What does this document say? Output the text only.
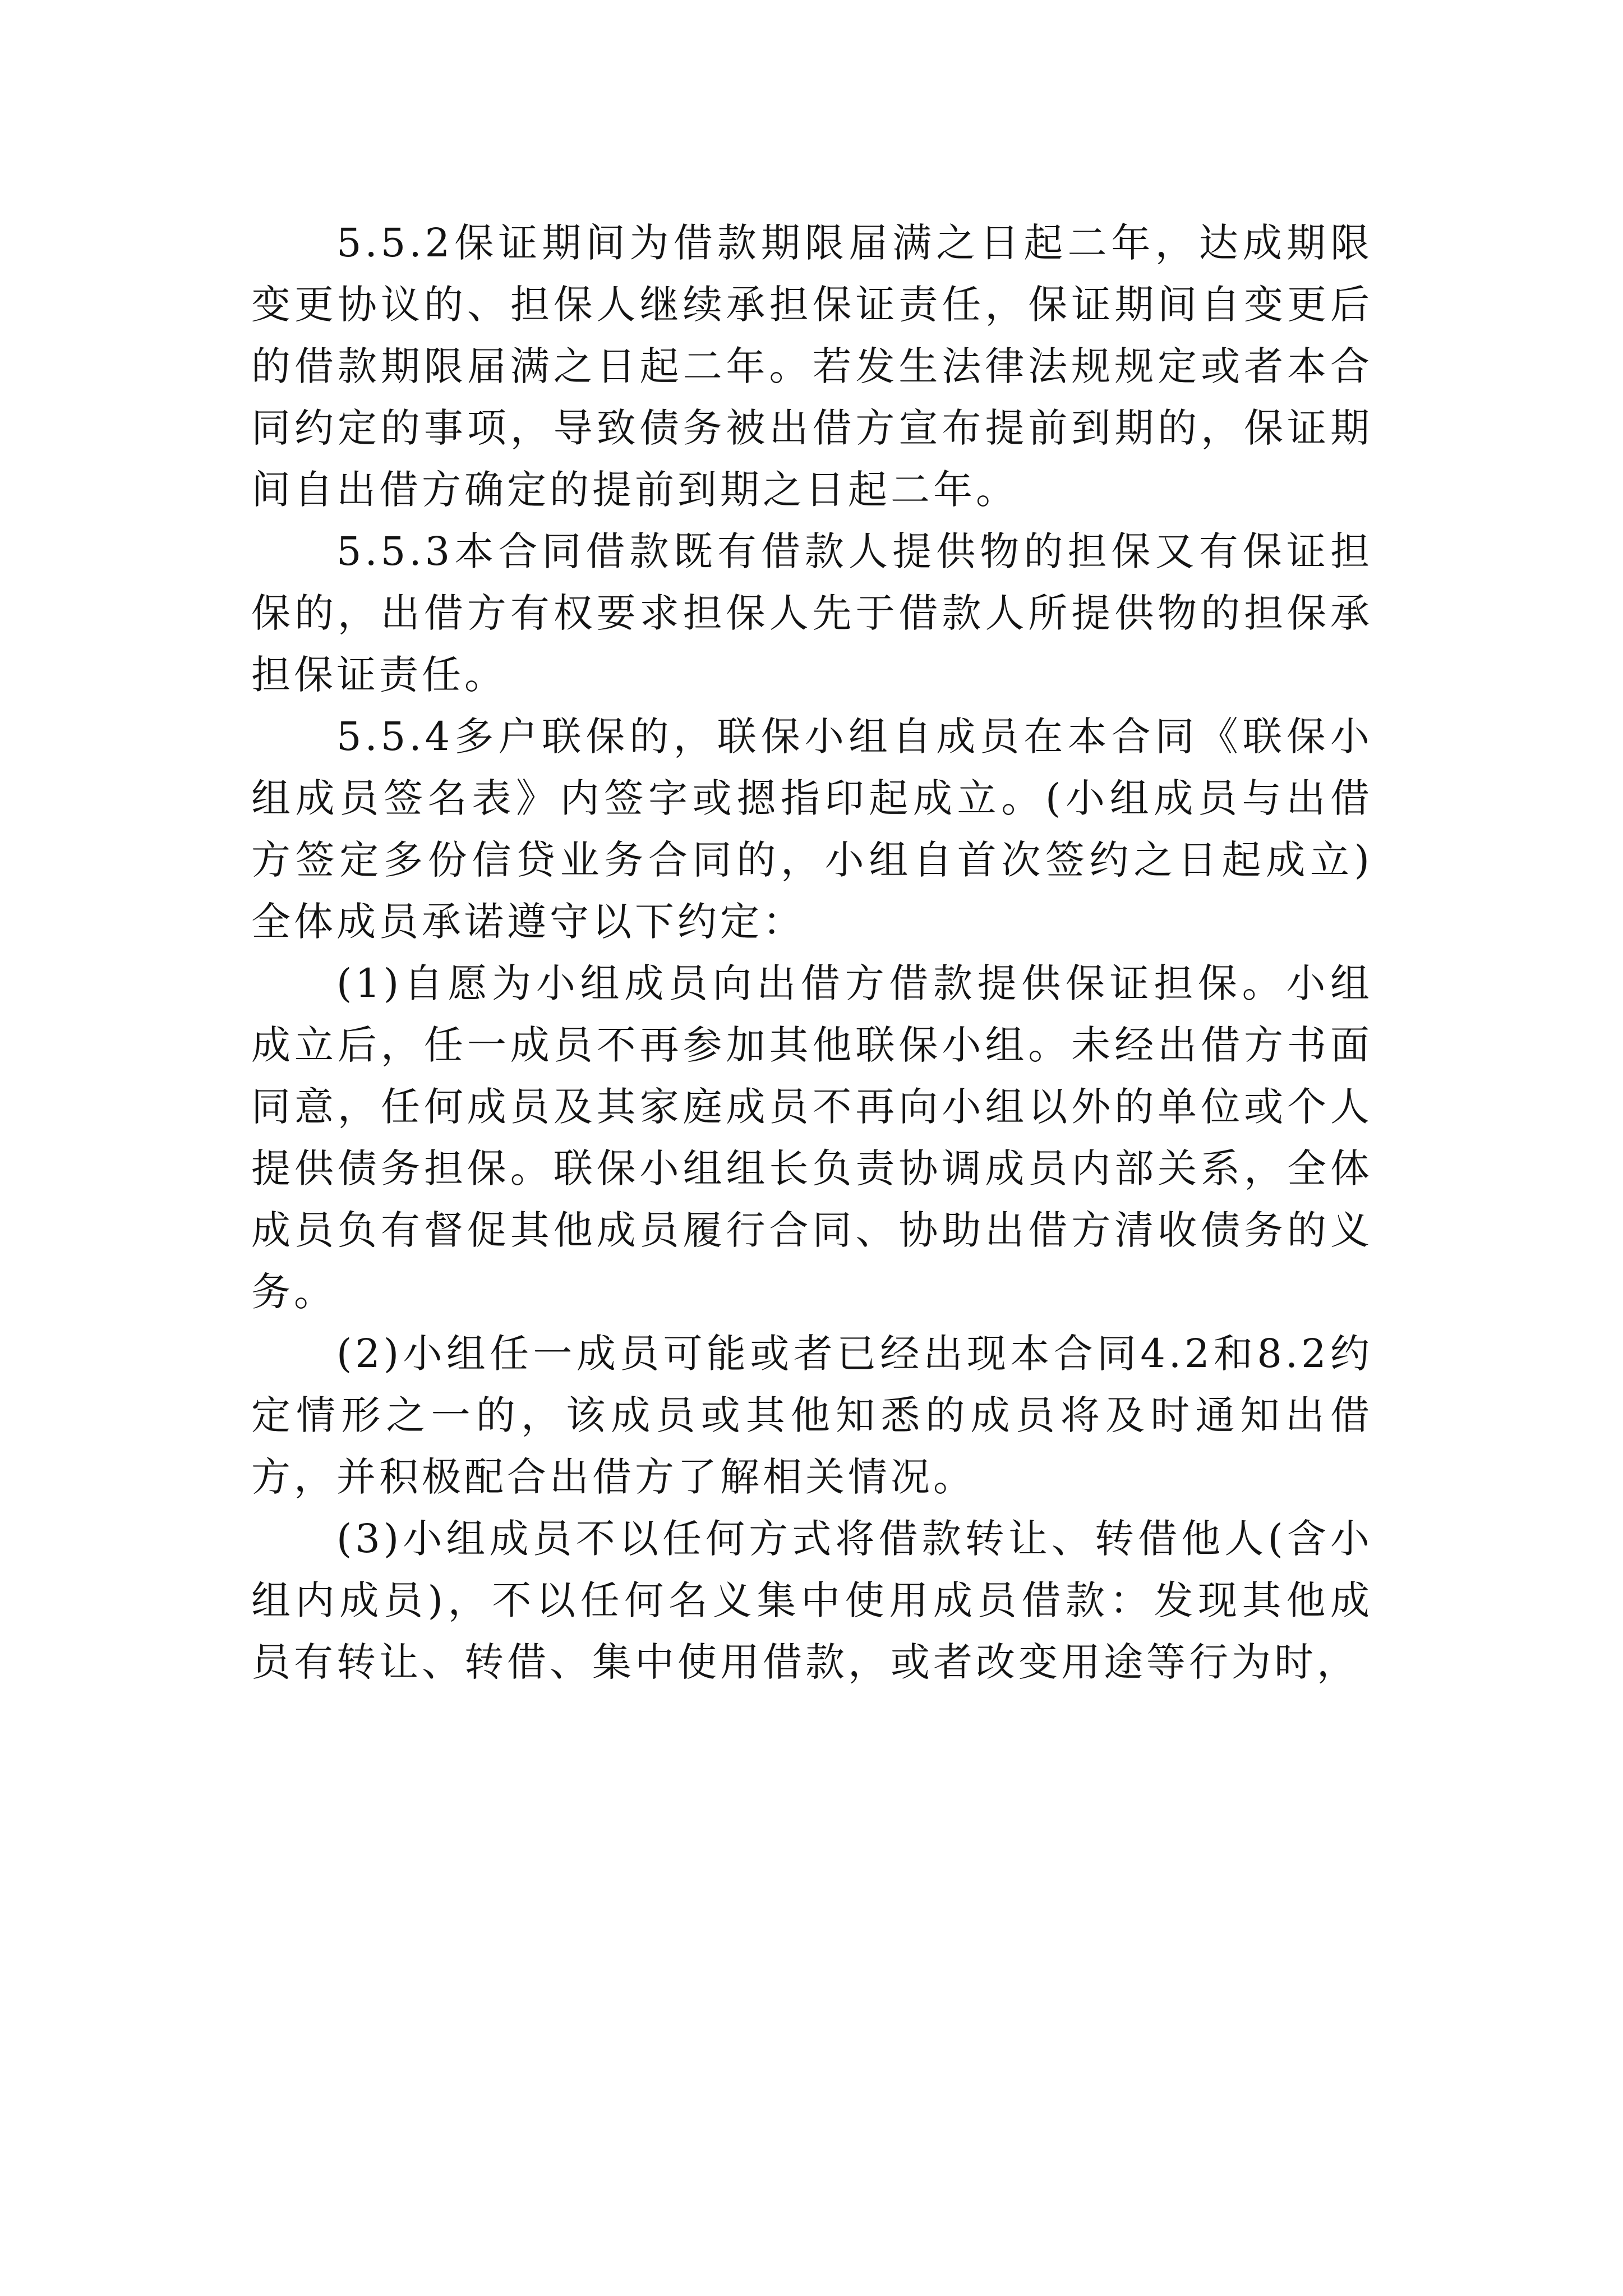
5.5.2保证期间为借款期限届满之日起二年，达成期限变更协议的、担保人继续承担保证责任，保证期间自变更后的借款期限届满之日起二年。若发生法律法规规定或者本合同约定的事项，导致债务被出借方宣布提前到期的，保证期间自出借方确定的提前到期之日起二年。

5.5.3本合同借款既有借款人提供物的担保又有保证担保的，出借方有权要求担保人先于借款人所提供物的担保承担保证责任。

5.5.4多户联保的，联保小组自成员在本合同《联保小组成员签名表》内签字或摁指印起成立。(小组成员与出借方签定多份信贷业务合同的，小组自首次签约之日起成立)全体成员承诺遵守以下约定：

(1)自愿为小组成员向出借方借款提供保证担保。小组成立后，任一成员不再参加其他联保小组。未经出借方书面同意，任何成员及其家庭成员不再向小组以外的单位或个人提供债务担保。联保小组组长负责协调成员内部关系，全体成员负有督促其他成员履行合同、协助出借方清收债务的义务。

(2)小组任一成员可能或者已经出现本合同4.2和8.2约定情形之一的，该成员或其他知悉的成员将及时通知出借方，并积极配合出借方了解相关情况。

(3)小组成员不以任何方式将借款转让、转借他人(含小组内成员)，不以任何名义集中使用成员借款：发现其他成员有转让、转借、集中使用借款，或者改变用途等行为时，
